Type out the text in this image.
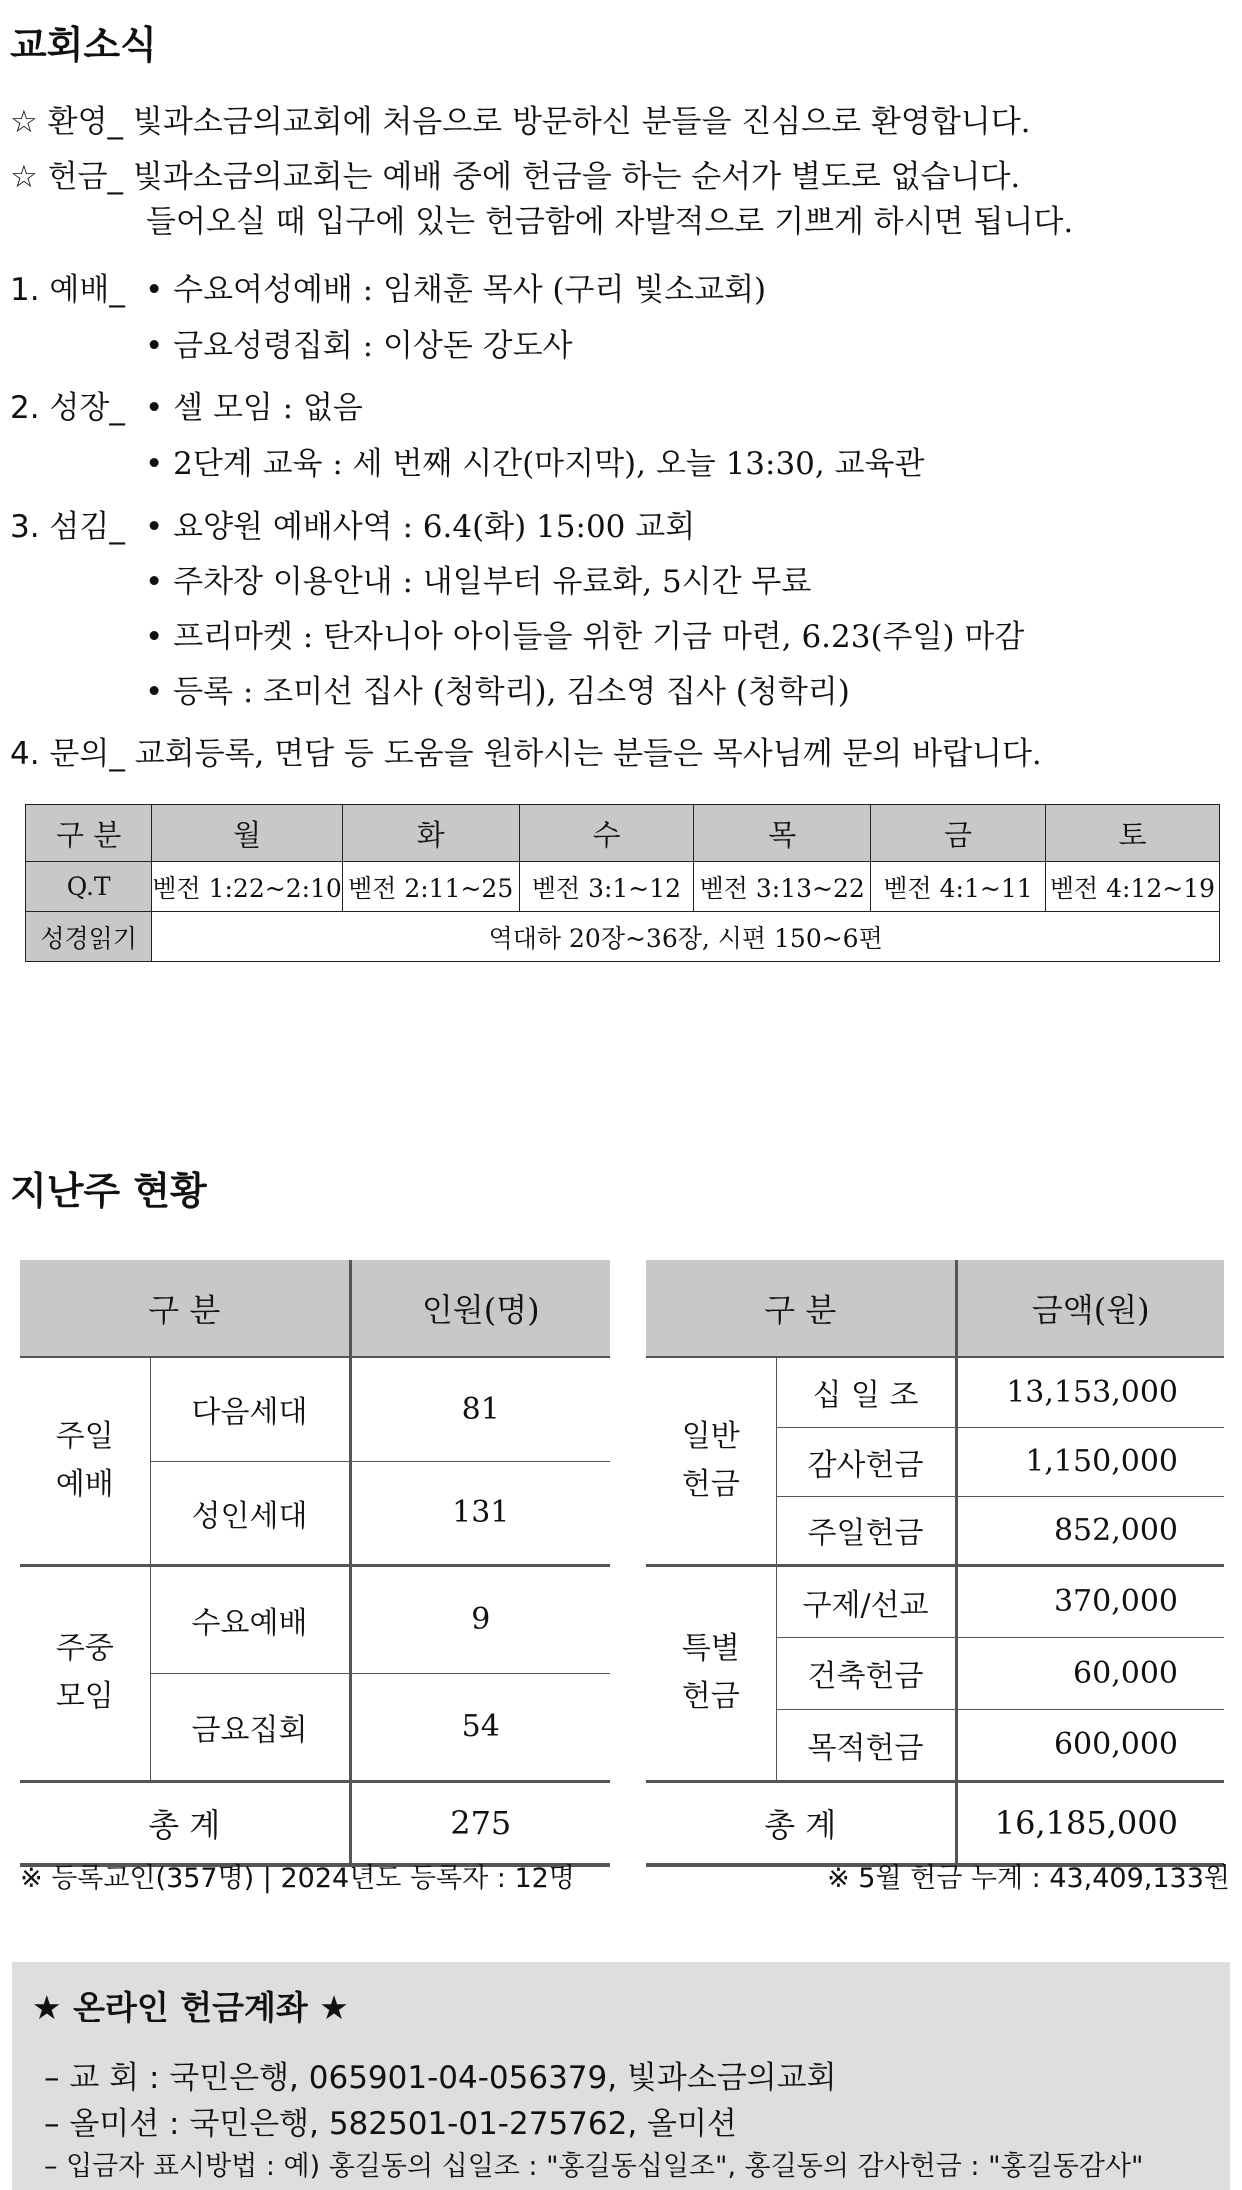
교회소식
☆ 환영_ 빛과소금의교회에 처음으로 방문하신 분들을 진심으로 환영합니다.
☆ 헌금_ 빛과소금의교회는 예배 중에 헌금을 하는 순서가 별도로 없습니다.
들어오실 때 입구에 있는 헌금함에 자발적으로 기쁘게 하시면 됩니다.
1. 예배_ • 수요여성예배 : 임채훈 목사 (구리 빛소교회)
• 금요성령집회 : 이상돈 강도사
2. 성장_ • 셀 모임 : 없음
• 2단계 교육 : 세 번째 시간(마지막), 오늘 13:30, 교육관
3. 섬김_ • 요양원 예배사역 : 6.4(화) 15:00 교회
• 주차장 이용안내 : 내일부터 유료화, 5시간 무료
• 프리마켓 : 탄자니아 아이들을 위한 기금 마련, 6.23(주일) 마감
• 등록 : 조미선 집사 (청학리), 김소영 집사 (청학리)
4. 문의_ 교회등록, 면담 등 도움을 원하시는 분들은 목사님께 문의 바랍니다.
구 분	월	화	수	목	금	토
Q.T	벧전 1:22~2:10	벧전 2:11~25	벧전 3:1~12	벧전 3:13~22	벧전 4:1~11	벧전 4:12~19
성경읽기	역대하 20장~36장, 시편 150~6편					
지난주 현황
구 분		인원(명)
주일
예배	다음세대	81
	성인세대	131
주중
모임	수요예배	9
	금요집회	54
총 계		275
구 분		금액(원)
일반
헌금	십 일 조	13,153,000
	감사헌금	1,150,000
	주일헌금	852,000
특별
헌금	구제/선교	370,000
	건축헌금	60,000
	목적헌금	600,000
총 계		16,185,000
※ 등록교인(357명) | 2024년도 등록자 : 12명	※ 5월 헌금 누계 : 43,409,133원
★ 온라인 헌금계좌 ★
– 교 회 : 국민은행, 065901-04-056379, 빛과소금의교회
– 올미션 : 국민은행, 582501-01-275762, 올미션
– 입금자 표시방법 : 예) 홍길동의 십일조 : "홍길동십일조", 홍길동의 감사헌금 : "홍길동감사"
